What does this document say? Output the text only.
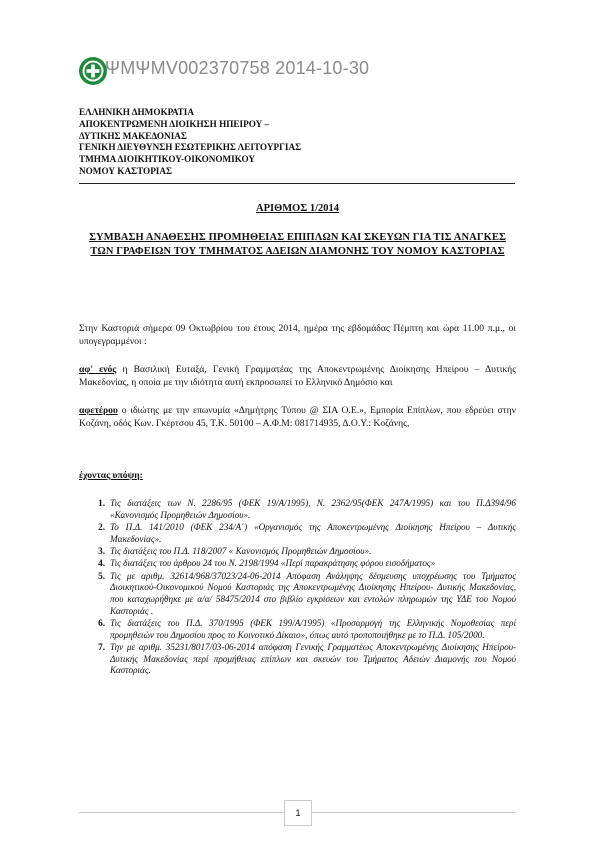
ΨΜΨΜV002370758 2014-10-30
ΕΛΛΗΝΙΚΗ ΔΗΜΟΚΡΑΤΙΑ
ΑΠΟΚΕΝΤΡΩΜΕΝΗ ΔΙΟΙΚΗΣΗ ΗΠΕΙΡΟΥ –
ΔΥΤΙΚΗΣ ΜΑΚΕΔΟΝΙΑΣ
ΓΕΝΙΚΗ ΔΙΕΥΘΥΝΣΗ ΕΣΩΤΕΡΙΚΗΣ ΛΕΙΤΟΥΡΓΙΑΣ
ΤΜΗΜΑ ΔΙΟΙΚΗΤΙΚΟΥ-ΟΙΚΟΝΟΜΙΚΟΥ
ΝΟΜΟΥ ΚΑΣΤΟΡΙΑΣ
ΑΡΙΘΜΟΣ 1/2014
ΣΥΜΒΑΣΗ ΑΝΑΘΕΣΗΣ ΠΡΟΜΗΘΕΙΑΣ ΕΠΙΠΛΩΝ ΚΑΙ ΣΚΕΥΩΝ ΓΙΑ ΤΙΣ ΑΝΑΓΚΕΣ ΤΩΝ ΓΡΑΦΕΙΩΝ ΤΟΥ ΤΜΗΜΑΤΟΣ ΑΔΕΙΩΝ ΔΙΑΜΟΝΗΣ ΤΟΥ ΝΟΜΟΥ ΚΑΣΤΟΡΙΑΣ
Στην Καστοριά σήμερα 09 Οκτωβρίου του έτους 2014, ημέρα της εβδομάδας Πέμπτη και ώρα 11.00 π.μ., οι υπογεγραμμένοι :
αφ' ενός η Βασιλική Ευταξά, Γενική Γραμματέας της Αποκεντρωμένης Διοίκησης Ηπείρου – Δυτικής Μακεδονίας, η οποία με την ιδιότητα αυτή εκπροσωπεί το Ελληνικό Δημόσιο και
αφετέρου ο ιδιώτης με την επωνυμία «Δημήτρης Τύπου @ ΣΙΑ Ο.Ε.», Εμπορία Επίπλων, που εδρεύει στην Κοζάνη, οδός Κων. Γκέρτσου 45, Τ.Κ. 50100 – Α.Φ.Μ: 081714935, Δ.Ο.Υ.: Κοζάνης,
έχοντας υπόψη:
1. Τις διατάξεις των Ν. 2286/95 (ΦΕΚ 19/Α/1995), Ν. 2362/95(ΦΕΚ 247Α/1995) και του Π.Δ394/96 «Κανονισμός Προμηθειών Δημοσίου».
2. Το Π.Δ. 141/2010 (ΦΕΚ 234/Α΄) «Οργανισμός της Αποκεντρωμένης Διοίκησης Ηπείρου – Δυτικής Μακεδονίας».
3. Τις διατάξεις του Π.Δ. 118/2007 « Κανονισμός Προμηθειών Δημοσίου».
4. Τις διατάξεις του άρθρου 24 του Ν. 2198/1994 «Περί παρακράτησης φόρου εισοδήματος»
5. Τις με αριθμ. 32614/968/37023/24-06-2014 Απόφαση Ανάληψης δέσμευσης υποχρέωσης του Τμήματος Διοικητικού-Οικονομικού Νομού Καστοριάς της Αποκεντρωμένης Διοίκησης Ηπείρου- Δυτικής Μακεδονίας, που καταχωρήθηκε με α/α/ 58475/2014 στο βιβλίο εγκρίσεων και εντολών πληρωμών της ΥΔΕ του Νομού Καστοριάς .
6. Τις διατάξεις του Π.Δ. 370/1995 (ΦΕΚ 199/Α/1995) «Προσαρμογή της Ελληνικής Νομοθεσίας περί προμηθειών του Δημοσίου προς το Κοινοτικό Δίκαιο», όπως αυτό τροποποιήθηκε με το Π.Δ. 105/2000.
7. Την με αριθμ. 35231/8017/03-06-2014 απόφαση Γενικής Γραμματέως Αποκεντρωμένης Διοίκησης Ηπείρου-Δυτικής Μακεδονίας περί προμήθειας επίπλων και σκευών του Τμήματος Αδειών Διαμονής του Νομού Καστοριάς.
1
